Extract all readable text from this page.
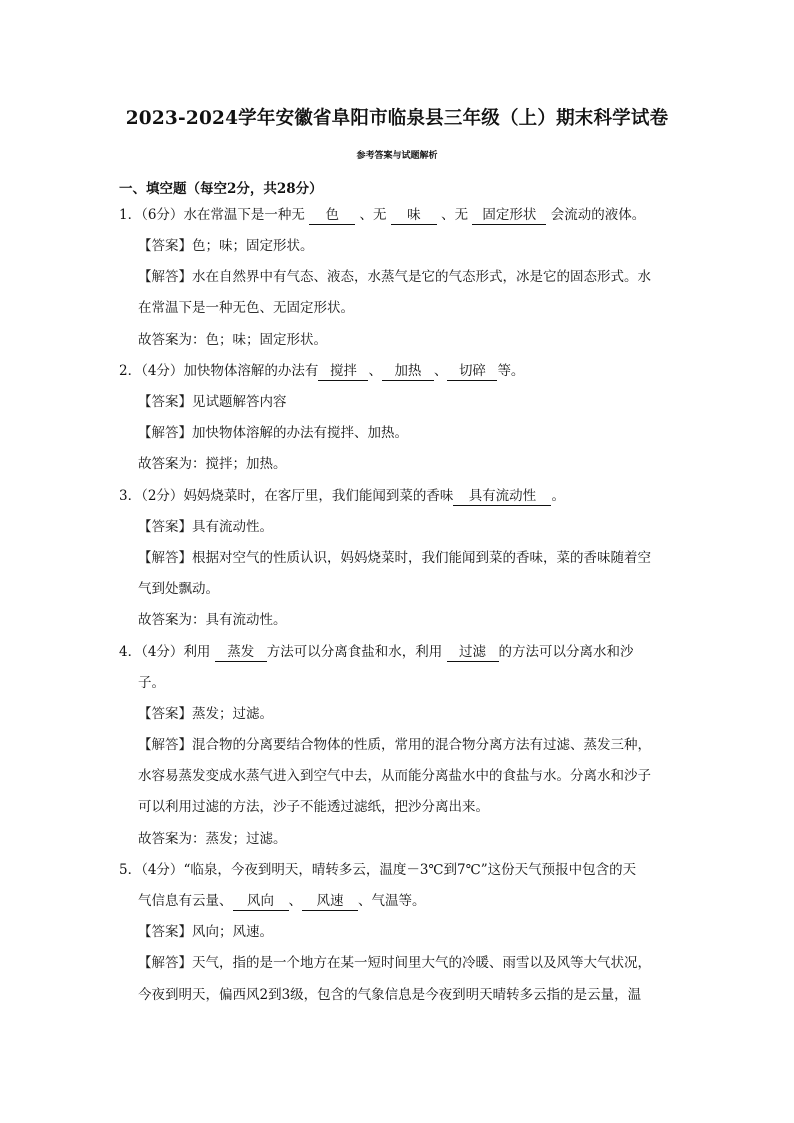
2023-2024学年安徽省阜阳市临泉县三年级（上）期末科学试卷
参考答案与试题解析
一、填空题（每空2分，共28分）
1．（6分）水在常温下是一种无 色 、无 味 、无 固定形状 会流动的液体。
【答案】色；味；固定形状。
【解答】水在自然界中有气态、液态，水蒸气是它的气态形式，冰是它的固态形式。水
在常温下是一种无色、无固定形状。
故答案为：色；味；固定形状。
2．（4分）加快物体溶解的办法有 搅拌 、 加热 、 切碎 等。
【答案】见试题解答内容
【解答】加快物体溶解的办法有搅拌、加热。
故答案为：搅拌；加热。
3．（2分）妈妈烧菜时，在客厅里，我们能闻到菜的香味 具有流动性 。
【答案】具有流动性。
【解答】根据对空气的性质认识，妈妈烧菜时，我们能闻到菜的香味，菜的香味随着空
气到处飘动。
故答案为：具有流动性。
4．（4分）利用 蒸发 方法可以分离食盐和水，利用 过滤 的方法可以分离水和沙
子。
【答案】蒸发；过滤。
【解答】混合物的分离要结合物体的性质，常用的混合物分离方法有过滤、蒸发三种，
水容易蒸发变成水蒸气进入到空气中去，从而能分离盐水中的食盐与水。分离水和沙子
可以利用过滤的方法，沙子不能透过滤纸，把沙分离出来。
故答案为：蒸发；过滤。
5．（4分）“临泉，今夜到明天，晴转多云，温度－3℃到7℃”这份天气预报中包含的天
气信息有云量、 风向 、 风速 、气温等。
【答案】风向；风速。
【解答】天气，指的是一个地方在某一短时间里大气的冷暖、雨雪以及风等大气状况，
今夜到明天，偏西风2到3级，包含的气象信息是今夜到明天晴转多云指的是云量，温
